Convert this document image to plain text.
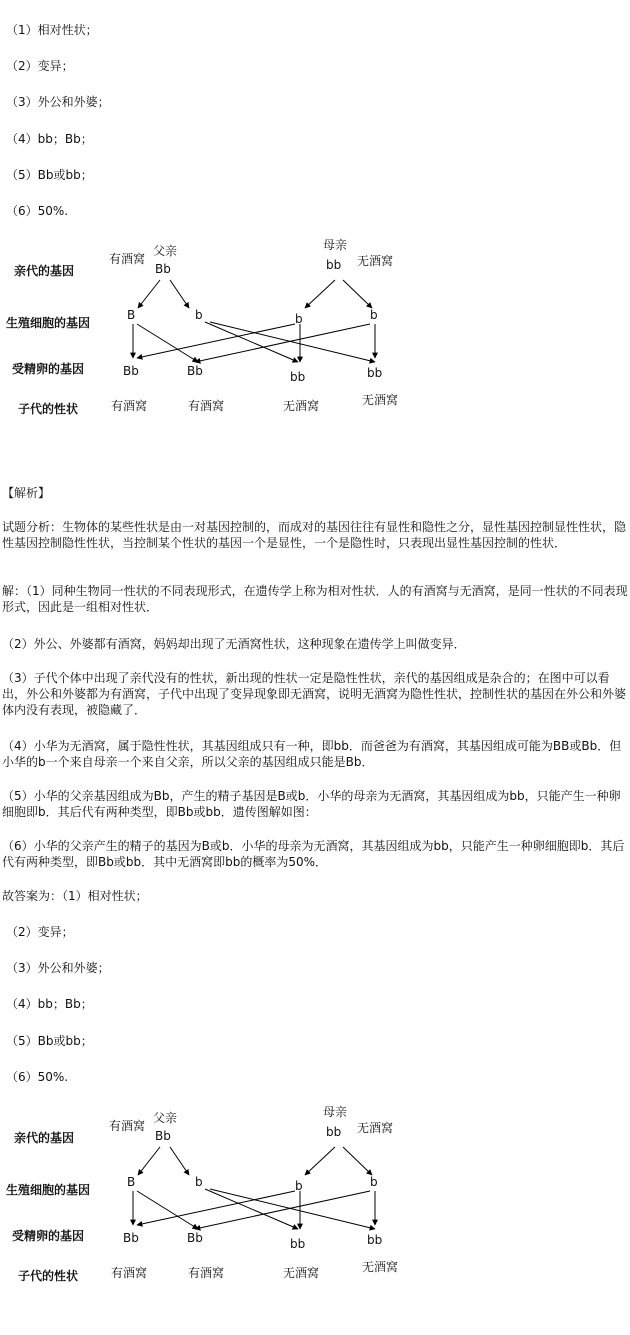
（1）相对性状；
（2）变异；
（3）外公和外婆；
（4）bb；Bb；
（5）Bb或bb；
（6）50%.
亲代的基因
生殖细胞的基因
受精卵的基因
子代的性状
父亲
有酒窝
Bb
母亲
bb 无酒窝
B	b	b	b
Bb	Bb	bb	bb
有酒窝	有酒窝	无酒窝	无酒窝
【解析】
试题分析：生物体的某些性状是由一对基因控制的，而成对的基因往往有显性和隐性之分，显性基因控制显性性状，隐性基因控制隐性性状，当控制某个性状的基因一个是显性，一个是隐性时，只表现出显性基因控制的性状．
解：（1）同种生物同一性状的不同表现形式，在遗传学上称为相对性状．人的有酒窝与无酒窝，是同一性状的不同表现形式，因此是一组相对性状．
（2）外公、外婆都有酒窝，妈妈却出现了无酒窝性状，这种现象在遗传学上叫做变异．
（3）子代个体中出现了亲代没有的性状，新出现的性状一定是隐性性状，亲代的基因组成是杂合的；在图中可以看出，外公和外婆都为有酒窝，子代中出现了变异现象即无酒窝，说明无酒窝为隐性性状，控制性状的基因在外公和外婆体内没有表现，被隐藏了．
（4）小华为无酒窝，属于隐性性状，其基因组成只有一种，即bb．而爸爸为有酒窝，其基因组成可能为BB或Bb．但小华的b一个来自母亲一个来自父亲，所以父亲的基因组成只能是Bb．
（5）小华的父亲基因组成为Bb，产生的精子基因是B或b．小华的母亲为无酒窝，其基因组成为bb，只能产生一种卵细胞即b．其后代有两种类型，即Bb或bb．遗传图解如图：
（6）小华的父亲产生的精子的基因为B或b．小华的母亲为无酒窝，其基因组成为bb，只能产生一种卵细胞即b．其后代有两种类型，即Bb或bb．其中无酒窝即bb的概率为50%．
故答案为：（1）相对性状；
（2）变异；
（3）外公和外婆；
（4）bb；Bb；
（5）Bb或bb；
（6）50%.
亲代的基因
生殖细胞的基因
受精卵的基因
子代的性状
父亲
有酒窝
Bb
母亲
bb 无酒窝
B	b	b	b
Bb	Bb	bb	bb
有酒窝	有酒窝	无酒窝	无酒窝
